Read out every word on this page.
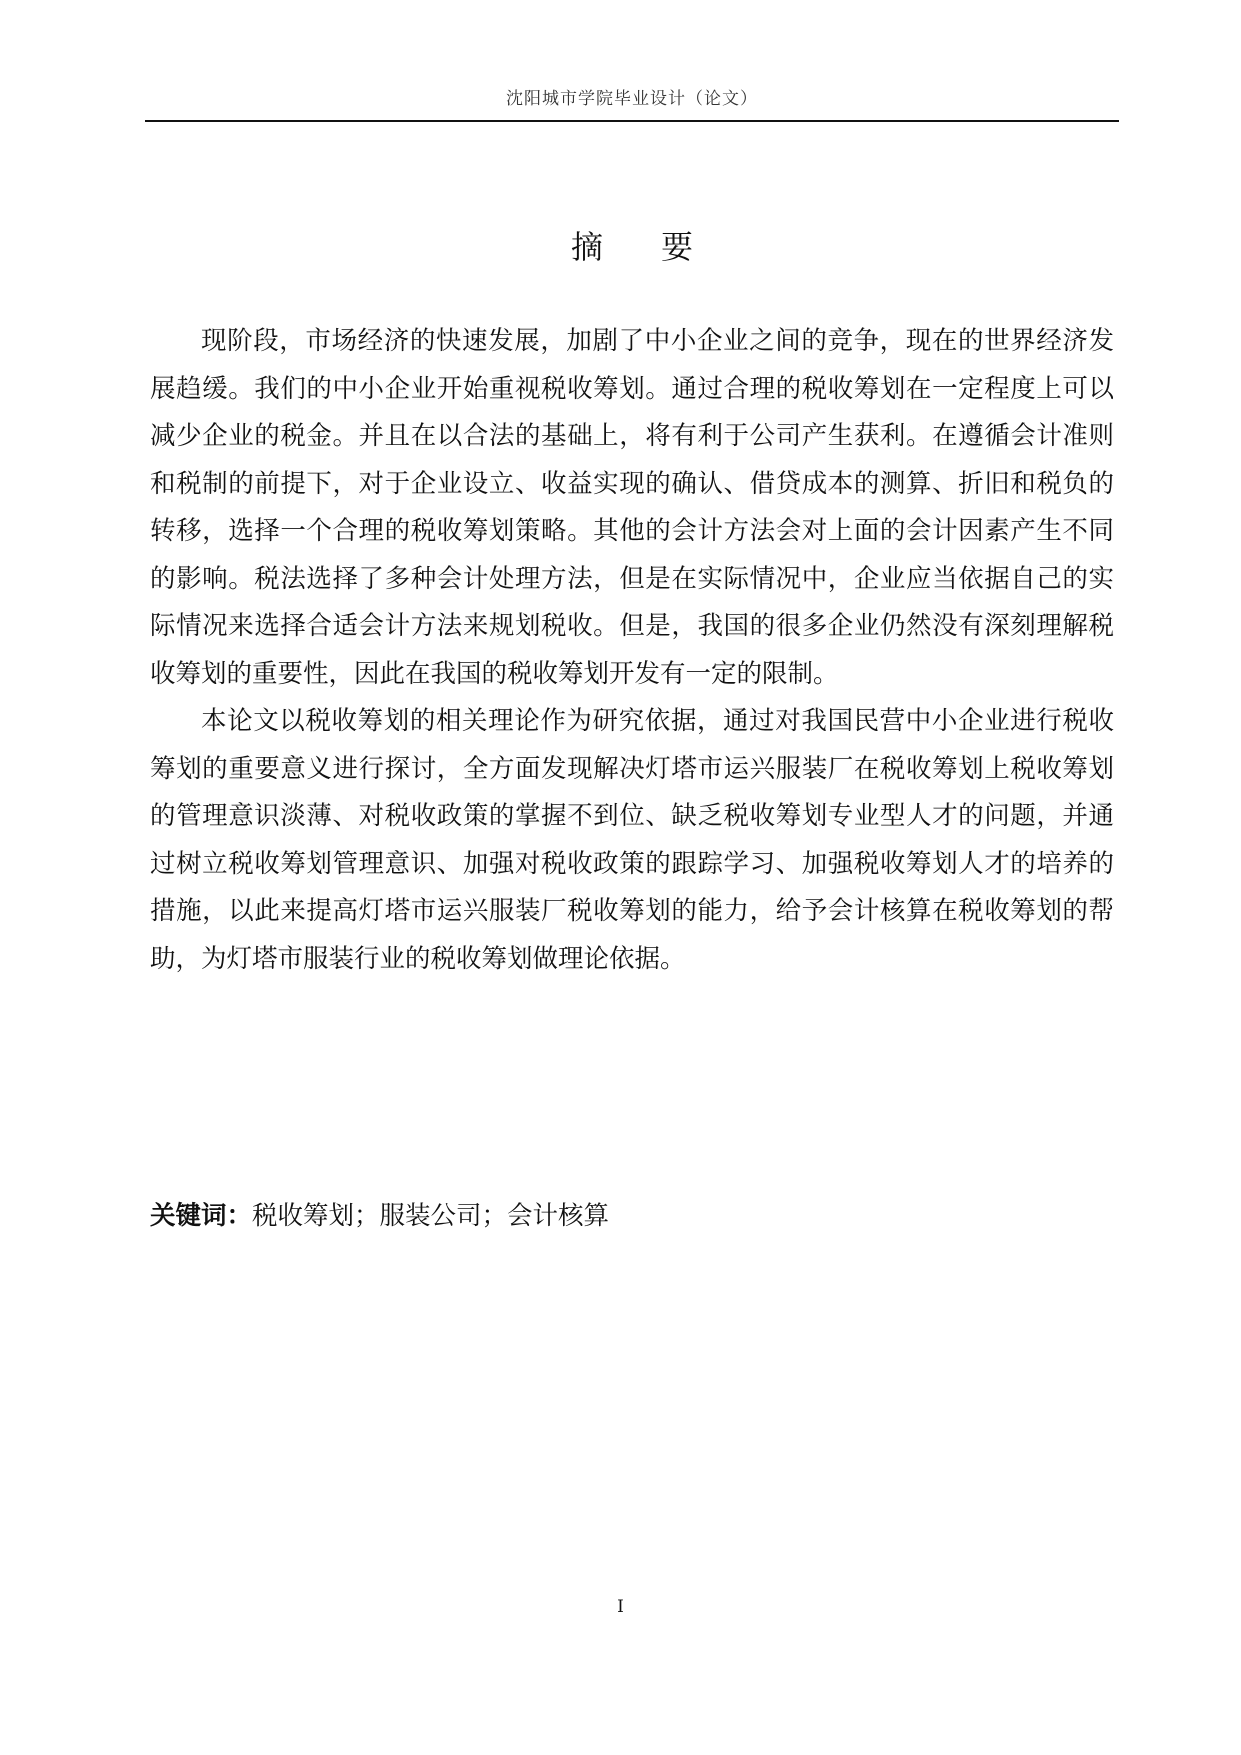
沈阳城市学院毕业设计（论文）
摘要

现阶段，市场经济的快速发展，加剧了中小企业之间的竞争，现在的世界经济发展趋缓。我们的中小企业开始重视税收筹划。通过合理的税收筹划在一定程度上可以减少企业的税金。并且在以合法的基础上，将有利于公司产生获利。在遵循会计准则和税制的前提下，对于企业设立、收益实现的确认、借贷成本的测算、折旧和税负的转移，选择一个合理的税收筹划策略。其他的会计方法会对上面的会计因素产生不同的影响。税法选择了多种会计处理方法，但是在实际情况中，企业应当依据自己的实际情况来选择合适会计方法来规划税收。但是，我国的很多企业仍然没有深刻理解税收筹划的重要性，因此在我国的税收筹划开发有一定的限制。

本论文以税收筹划的相关理论作为研究依据，通过对我国民营中小企业进行税收筹划的重要意义进行探讨，全方面发现解决灯塔市运兴服装厂在税收筹划上税收筹划的管理意识淡薄、对税收政策的掌握不到位、缺乏税收筹划专业型人才的问题，并通过树立税收筹划管理意识、加强对税收政策的跟踪学习、加强税收筹划人才的培养的措施，以此来提高灯塔市运兴服装厂税收筹划的能力，给予会计核算在税收筹划的帮助，为灯塔市服装行业的税收筹划做理论依据。

关键词：税收筹划；服装公司；会计核算
I
